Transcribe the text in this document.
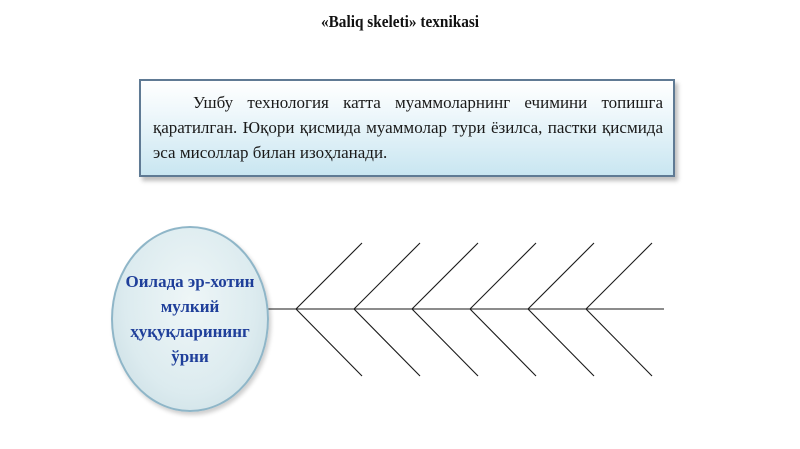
«Baliq skeleti» texnikasi

Ушбу технология катта муаммоларнинг ечимини топишга қаратилган. Юқори қисмида муаммолар тури ёзилса, пастки қисмида эса мисоллар билан изоҳланади.

Оилада эр-хотин
мулкий
ҳуқуқларининг
ўрни
